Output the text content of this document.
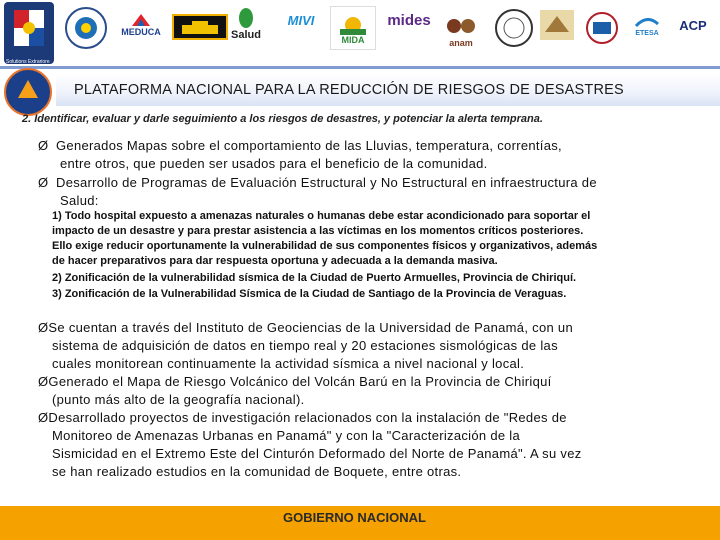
Solutions Extrariore
MEDUCA	Salud
MIVI
MIDA
mides
anam
ETESA
ACP
PLATAFORMA NACIONAL PARA LA REDUCCIÓN DE RIESGOS DE DESASTRES
2. Identificar, evaluar y darle seguimiento a los riesgos de desastres, y potenciar la alerta temprana.
Ø Generados Mapas sobre el comportamiento de las Lluvias, temperatura, correntías,
entre otros, que pueden ser usados para el beneficio de la comunidad.
Ø Desarrollo de Programas de Evaluación Estructural y No Estructural en infraestructura de
Salud:
1) Todo hospital expuesto a amenazas naturales o humanas debe estar acondicionado para soportar el
impacto de un desastre y para prestar asistencia a las víctimas en los momentos críticos posteriores.
Ello exige reducir oportunamente la vulnerabilidad de sus componentes físicos y organizativos, además
de hacer preparativos para dar respuesta oportuna y adecuada a la demanda masiva.
2) Zonificación de la vulnerabilidad sísmica de la Ciudad de Puerto Armuelles, Provincia de Chiriquí.
3) Zonificación de la Vulnerabilidad Sísmica de la Ciudad de Santiago de la Provincia de Veraguas.
ØSe cuentan a través del Instituto de Geociencias de la Universidad de Panamá, con un
sistema de adquisición de datos en tiempo real y 20 estaciones sismológicas de las
cuales monitorean continuamente la actividad sísmica a nivel nacional y local.
ØGenerado el Mapa de Riesgo Volcánico del Volcán Barú en la Provincia de Chiriquí
(punto más alto de la geografía nacional).
ØDesarrollado proyectos de investigación relacionados con la instalación de "Redes de
Monitoreo de Amenazas Urbanas en Panamá" y con la "Caracterización de la
Sismicidad en el Extremo Este del Cinturón Deformado del Norte de Panamá". A su vez
se han realizado estudios en la comunidad de Boquete, entre otras.
GOBIERNO NACIONAL
